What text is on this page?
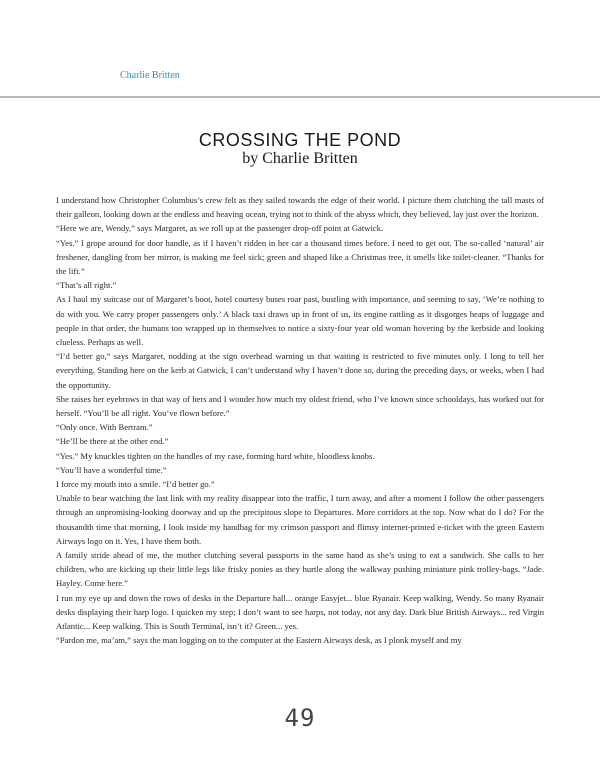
Charlie Britten
CROSSING THE POND
by Charlie Britten

I understand how Christopher Columbus’s crew felt as they sailed towards the edge of their world. I picture them clutching the tall masts of their galleon, looking down at the endless and heaving ocean, trying not to think of the abyss which, they believed, lay just over the horizon.

“Here we are, Wendy,” says Margaret, as we roll up at the passenger drop-off point at Gatwick.

“Yes.” I grope around for door handle, as if I haven’t ridden in her car a thousand times before. I need to get out. The so-called ‘natural’ air freshener, dangling from her mirror, is making me feel sick; green and shaped like a Christmas tree, it smells like toilet-cleaner. “Thanks for the lift.”

“That’s all right.”

As I haul my suitcase out of Margaret’s boot, hotel courtesy buses roar past, bustling with importance, and seeming to say, ‘We’re nothing to do with you. We carry proper passengers only.’ A black taxi draws up in front of us, its engine rattling as it disgorges heaps of luggage and people in that order, the humans too wrapped up in themselves to notice a sixty-four year old woman hovering by the kerbside and looking clueless. Perhaps as well.

“I’d better go,” says Margaret, nodding at the sign overhead warning us that waiting is restricted to five minutes only. I long to tell her everything. Standing here on the kerb at Gatwick, I can’t understand why I haven’t done so, during the preceding days, or weeks, when I had the opportunity.

She raises her eyebrows in that way of hers and I wonder how much my oldest friend, who I’ve known since schooldays, has worked out for herself. “You’ll be all right. You’ve flown before.”

“Only once. With Bertram.”

“He’ll be there at the other end.”

“Yes.” My knuckles tighten on the handles of my case, forming hard white, bloodless knobs.

“You’ll have a wonderful time.”

I force my mouth into a smile. “I’d better go.”

Unable to bear watching the last link with my reality disappear into the traffic, I turn away, and after a moment I follow the other passengers through an unpromising-looking doorway and up the precipitous slope to Departures. More corridors at the top. Now what do I do? For the thousandth time that morning, I look inside my handbag for my crimson passport and flimsy internet-printed e-ticket with the green Eastern Airways logo on it. Yes, I have them both.

A family stride ahead of me, the mother clutching several passports in the same hand as she’s using to eat a sandwich. She calls to her children, who are kicking up their little legs like frisky ponies as they hurtle along the walkway pushing miniature pink trolley-bags. “Jade. Hayley. Come here.”

I run my eye up and down the rows of desks in the Departure hall... orange Easyjet... blue Ryanair. Keep walking, Wendy. So many Ryanair desks displaying their harp logo. I quicken my step; I don’t want to see harps, not today, not any day. Dark blue British Airways... red Virgin Atlantic... Keep walking. This is South Terminal, isn’t it? Green... yes.

“Pardon me, ma’am,” says the man logging on to the computer at the Eastern Airways desk, as I plonk myself and my

49
